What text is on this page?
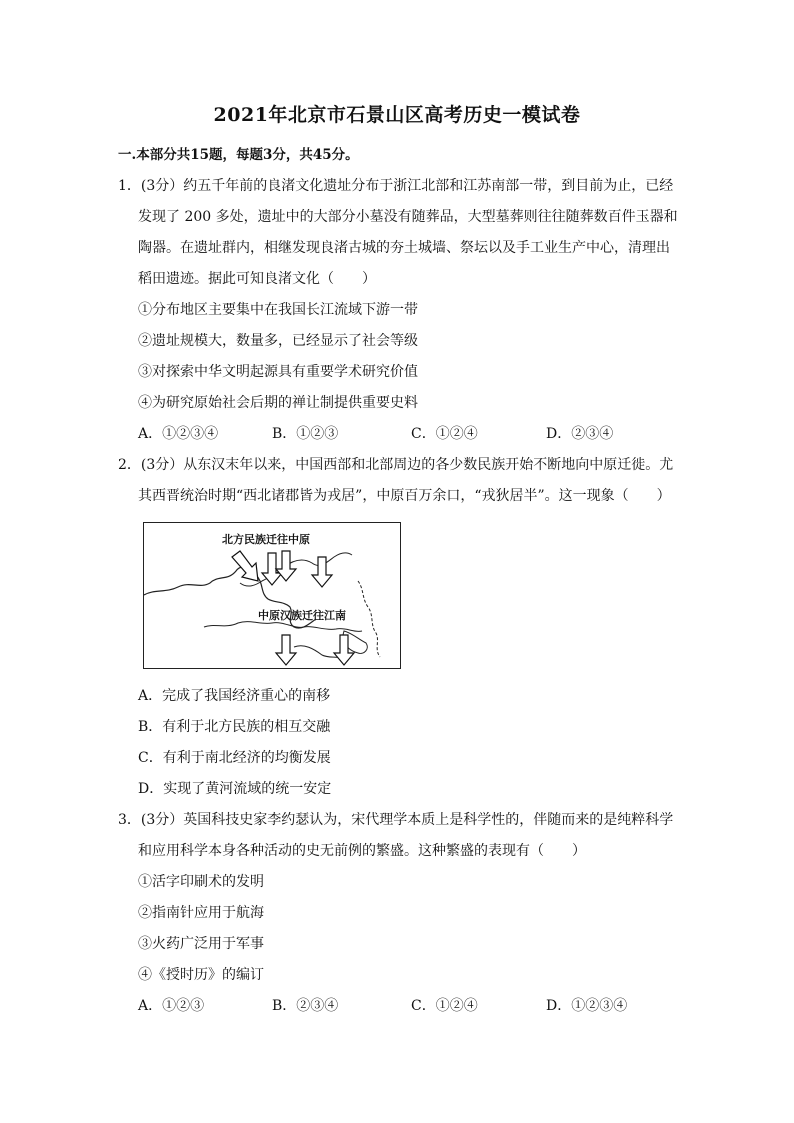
2021年北京市石景山区高考历史一模试卷
一.本部分共15题，每题3分，共45分。
1．(3分）约五千年前的良渚文化遗址分布于浙江北部和江苏南部一带，到目前为止，已经
发现了 200 多处，遗址中的大部分小墓没有随葬品，大型墓葬则往往随葬数百件玉器和
陶器。在遗址群内，相继发现良渚古城的夯土城墙、祭坛以及手工业生产中心，清理出
稻田遗迹。据此可知良渚文化（　　）
①分布地区主要集中在我国长江流域下游一带
②遗址规模大，数量多，已经显示了社会等级
③对探索中华文明起源具有重要学术研究价值
④为研究原始社会后期的禅让制提供重要史料
A．①②③④	B．①②③	C．①②④	D．②③④
2．(3分）从东汉末年以来，中国西部和北部周边的各少数民族开始不断地向中原迁徙。尤
其西晋统治时期“西北诸郡皆为戎居”，中原百万余口，“戎狄居半”。这一现象（　　）
北方民族迁往中原
中原汉族迁往江南
A．完成了我国经济重心的南移
B．有利于北方民族的相互交融
C．有利于南北经济的均衡发展
D．实现了黄河流域的统一安定
3．(3分）英国科技史家李约瑟认为，宋代理学本质上是科学性的，伴随而来的是纯粹科学
和应用科学本身各种活动的史无前例的繁盛。这种繁盛的表现有（　　）
①活字印刷术的发明
②指南针应用于航海
③火药广泛用于军事
④《授时历》的编订
A．①②③	B．②③④	C．①②④	D．①②③④
